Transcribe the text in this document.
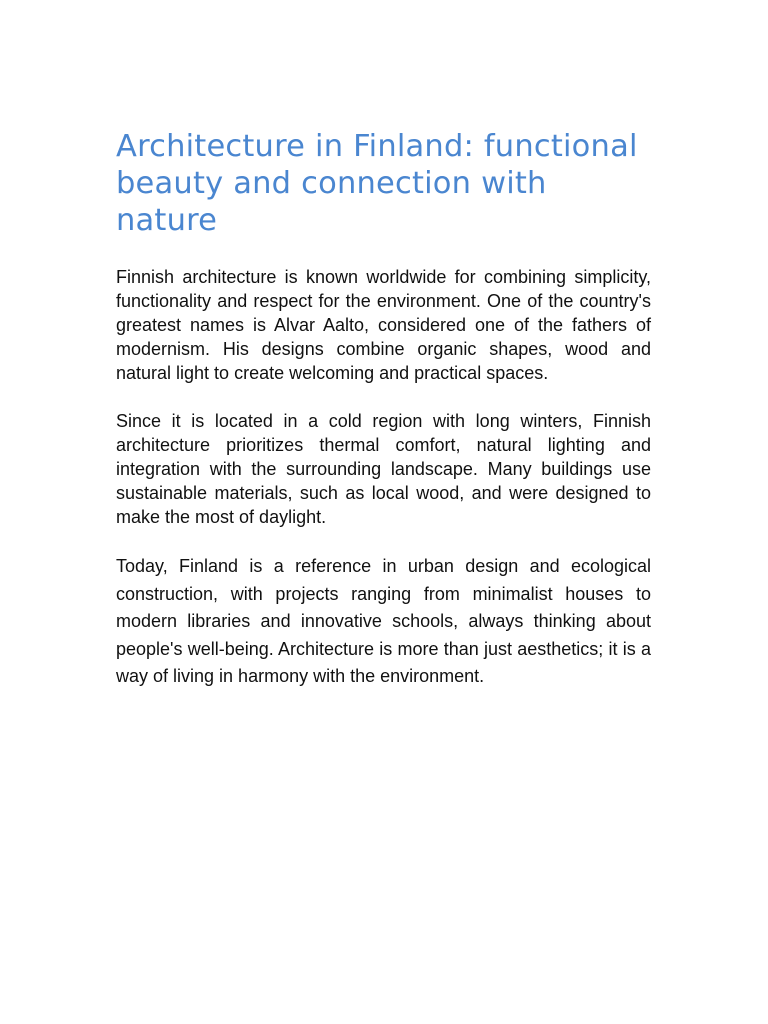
Architecture in Finland: functional beauty and connection with nature

Finnish architecture is known worldwide for combining simplicity, functionality and respect for the environment. One of the country's greatest names is Alvar Aalto, considered one of the fathers of modernism. His designs combine organic shapes, wood and natural light to create welcoming and practical spaces.

Since it is located in a cold region with long winters, Finnish architecture prioritizes thermal comfort, natural lighting and integration with the surrounding landscape. Many buildings use sustainable materials, such as local wood, and were designed to make the most of daylight.

Today, Finland is a reference in urban design and ecological construction, with projects ranging from minimalist houses to modern libraries and innovative schools, always thinking about people's well-being. Architecture is more than just aesthetics; it is a way of living in harmony with the environment.
